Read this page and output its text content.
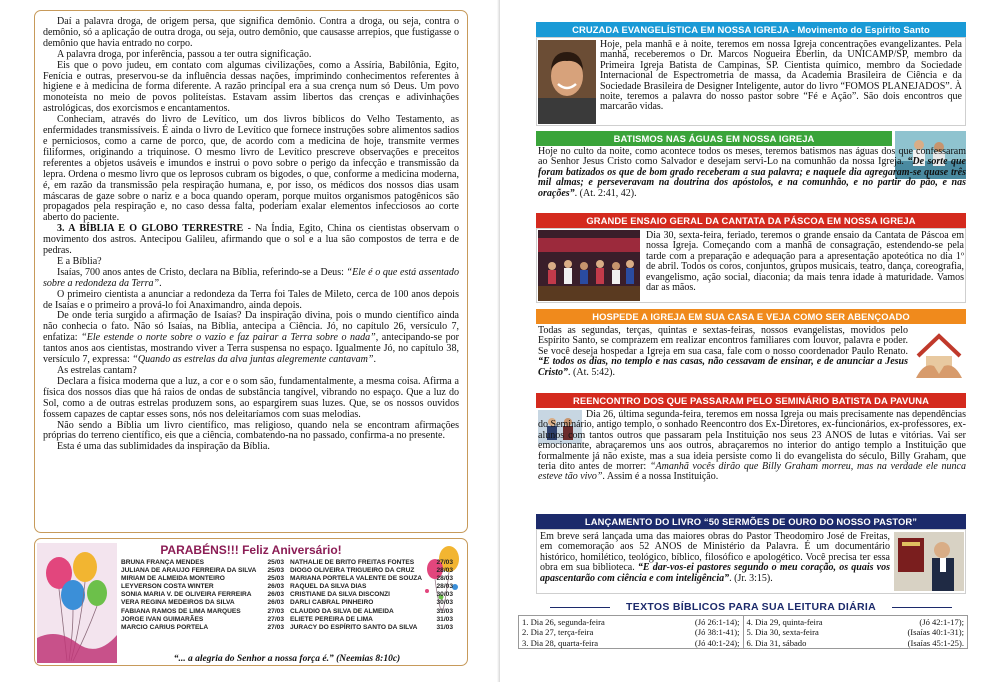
Daí a palavra droga, de origem persa, que significa demônio. Contra a droga, ou seja, contra o demônio, só a aplicação de outra droga, ou seja, outro demônio, que causasse arrepios, que fustigasse o demônio que havia entrado no corpo.

A palavra droga, por inferência, passou a ter outra significação.

Eis que o povo judeu, em contato com algumas civilizações, como a Assíria, Babilônia, Egito, Fenícia e outras, preservou-se da influência dessas nações, imprimindo conhecimentos referentes à higiene e à medicina de forma diferente. A razão principal era a sua crença num só Deus. Um povo monoteísta no meio de povos politeístas. Estavam assim libertos das crenças e adivinhações astrológicas, dos exorcismos e encantamentos.

Conheciam, através do livro de Levítico, um dos livros bíblicos do Velho Testamento, as enfermidades transmissíveis. É ainda o livro de Levítico que fornece instruções sobre alimentos sadios e perniciosos, como a carne de porco, que, de acordo com a medicina de hoje, transmite vermes filiformes, originando a triquinose. O mesmo livro de Levítico prescreve observações e preceitos referentes a objetos usáveis e imundos e instrui o povo sobre o perigo da infecção e transmissão da lepra. Ordena o mesmo livro que os leprosos cubram os bigodes, o que, conforme a medicina moderna, é, em razão da transmissão pela respiração humana, e, por isso, os médicos dos nossos dias usam máscaras de gaze sobre o nariz e a boca quando operam, porque muitos organismos patogênicos são propagados pela respiração e, no caso dessa falta, poderiam exalar elementos infecciosos ao corte aberto do paciente.

3. A BÍBLIA E O GLOBO TERRESTRE - Na Índia, Egito, China os cientistas observam o movimento dos astros. Antecipou Galileu, afirmando que o sol e a lua são compostos de terra e de pedras.

E a Bíblia?

Isaías, 700 anos antes de Cristo, declara na Bíblia, referindo-se a Deus: “Ele é o que está assentado sobre a redondeza da Terra”.

O primeiro cientista a anunciar a redondeza da Terra foi Tales de Mileto, cerca de 100 anos depois de Isaías e o primeiro a prová-lo foi Anaximandro, ainda depois.

De onde teria surgido a afirmação de Isaías? Da inspiração divina, pois o mundo científico ainda não conhecia o fato. Não só Isaías, na Bíblia, antecipa a Ciência. Jó, no capítulo 26, versículo 7, enfatiza: “Ele estende o norte sobre o vazio e faz pairar a Terra sobre o nada”, antecipando-se por tantos anos aos cientistas, mostrando viver a Terra suspensa no espaço. Igualmente Jó, no capítulo 38, versículo 7, expressa: “Quando as estrelas da alva juntas alegremente cantavam”.

As estrelas cantam?

Declara a física moderna que a luz, a cor e o som são, fundamentalmente, a mesma coisa. Afirma a física dos nossos dias que há raios de ondas de substância tangível, vibrando no espaço. Que a luz do Sol, como a de outras estrelas produzem sons, ao espargirem suas luzes. Que, se os nossos ouvidos fossem capazes de captar esses sons, nós nos deleitaríamos com suas melodias.

Não sendo a Bíblia um livro científico, mas religioso, quando nela se encontram afirmações próprias do terreno científico, eis que a ciência, combatendo-na no passado, confirma-a no presente.

Esta é uma das sublimidades da inspiração da Bíblia.

PARABÉNS!!! Feliz Aniversário!
BRUNA FRANÇA MENDES	25/03
JULIANA DE ARAUJO FERREIRA DA SILVA 25/03
MIRIAM DE ALMEIDA MONTEIRO	25/03
LEYVERSON COSTA WINTER	26/03
SONIA MARIA V. DE OLIVEIRA FERREIRA 26/03
VERA REGINA MEDEIROS DA SILVA	26/03
FABIANA RAMOS DE LIMA MARQUES	27/03
JORGE IVAN GUIMARÃES	27/03
MARCIO CARIUS PORTELA	27/03
NATHALIE DE BRITO FREITAS FONTES	27/03
DIOGO OLIVEIRA TRIGUEIRO DA CRUZ	28/03
MARIANA PORTELA VALENTE DE SOUZA 28/03
RAQUEL DA SILVA DIAS	28/03
CRISTIANE DA SILVA DISCONZI	30/03
DARLI CABRAL PINHEIRO	30/03
CLAUDIO DA SILVA DE ALMEIDA	31/03
ELIETE PEREIRA DE LIMA	31/03
JURACY DO ESPÍRITO SANTO DA SILVA	31/03
“... a alegria do Senhor a nossa força é.” (Neemias 8:10c)
CRUZADA EVANGELÍSTICA EM NOSSA IGREJA - Movimento do Espírito Santo
Hoje, pela manhã e à noite, teremos em nossa Igreja concentrações evangelizantes. Pela manhã, receberemos o Dr. Marcos Nogueira Eberlin, da UNICAMP/SP, membro da Primeira Igreja Batista de Campinas, SP. Cientista químico, membro da Sociedade Internacional de Espectrometria de massa, da Academia Brasileira de Ciência e da Sociedade Brasileira de Designer Inteligente, autor do livro “FOMOS PLANEJADOS”. À noite, teremos a palavra do nosso pastor sobre “Fé e Ação”. São dois encontros que marcarão vidas.
BATISMOS NAS ÁGUAS EM NOSSA IGREJA
Hoje no culto da noite, como acontece todos os meses, teremos batismos nas águas dos que confessaram ao Senhor Jesus Cristo como Salvador e desejam servi-Lo na comunhão da nossa Igreja. “De sorte que foram batizados os que de bom grado receberam a sua palavra; e naquele dia agregaram-se quase três mil almas; e perseveravam na doutrina dos apóstolos, e na comunhão, e no partir do pão, e nas orações”. (At. 2:41, 42).
GRANDE ENSAIO GERAL DA CANTATA DA PÁSCOA EM NOSSA IGREJA
Dia 30, sexta-feira, feriado, teremos o grande ensaio da Cantata de Páscoa em nossa Igreja. Começando com a manhã de consagração, estendendo-se pela tarde com a preparação e adequação para a apresentação apoteótica no dia 1º de abril. Todos os coros, conjuntos, grupos musicais, teatro, dança, coreografia, evangelismo, ação social, diaconia; da mais tenra idade à maturidade. Vamos dar as mãos.
HOSPEDE A IGREJA EM SUA CASA E VEJA COMO SER ABENÇOADO
Todas as segundas, terças, quintas e sextas-feiras, nossos evangelistas, movidos pelo Espírito Santo, se comprazem em realizar encontros familiares com louvor, palavra e poder. Se você deseja hospedar a Igreja em sua casa, fale com o nosso coordenador Paulo Renato. “E todos os dias, no templo e nas casas, não cessavam de ensinar, e de anunciar a Jesus Cristo”. (At. 5:42).
REENCONTRO DOS QUE PASSARAM PELO SEMINÁRIO BATISTA DA PAVUNA
Dia 26, última segunda-feira, teremos em nossa Igreja ou mais precisamente nas dependências do Seminário, antigo templo, o sonhado Reencontro dos Ex-Diretores, ex-funcionários, ex-professores, ex-alunos com tantos outros que passaram pela Instituição nos seus 23 ANOS de lutas e vitórias. Vai ser emocionante, abraçaremos uns aos outros, abraçaremos no interior do antigo templo a Instituição que formalmente já não existe, mas a sua ideia persiste como li do evangelista do século, Billy Graham, que teria dito antes de morrer: “Amanhã vocês dirão que Billy Graham morreu, mas na verdade ele nunca esteve tão vivo”. Assim é a nossa Instituição.
LANÇAMENTO DO LIVRO “50 SERMÕES DE OURO DO NOSSO PASTOR”
Em breve será lançada uma das maiores obras do Pastor Theodomiro José de Freitas, em comemoração aos 52 ANOS de Ministério da Palavra. É um documentário histórico, homilético, teológico, bíblico, filosófico e apologético. Você precisa ter essa obra em sua biblioteca. “E dar-vos-ei pastores segundo o meu coração, os quais vos apascentarão com ciência e com inteligência”. (Jr. 3:15).
TEXTOS BÍBLICOS PARA SUA LEITURA DIÁRIA
1. Dia 26, segunda-feira	(Jó 26:1-14);
2. Dia 27, terça-feira	(Jó 38:1-41);
3. Dia 28, quarta-feira	(Jó 40:1-24);
4. Dia 29, quinta-feira	(Jó 42:1-17);
5. Dia 30, sexta-feira	(Isaías 40:1-31);
6. Dia 31, sábado	(Isaías 45:1-25).
